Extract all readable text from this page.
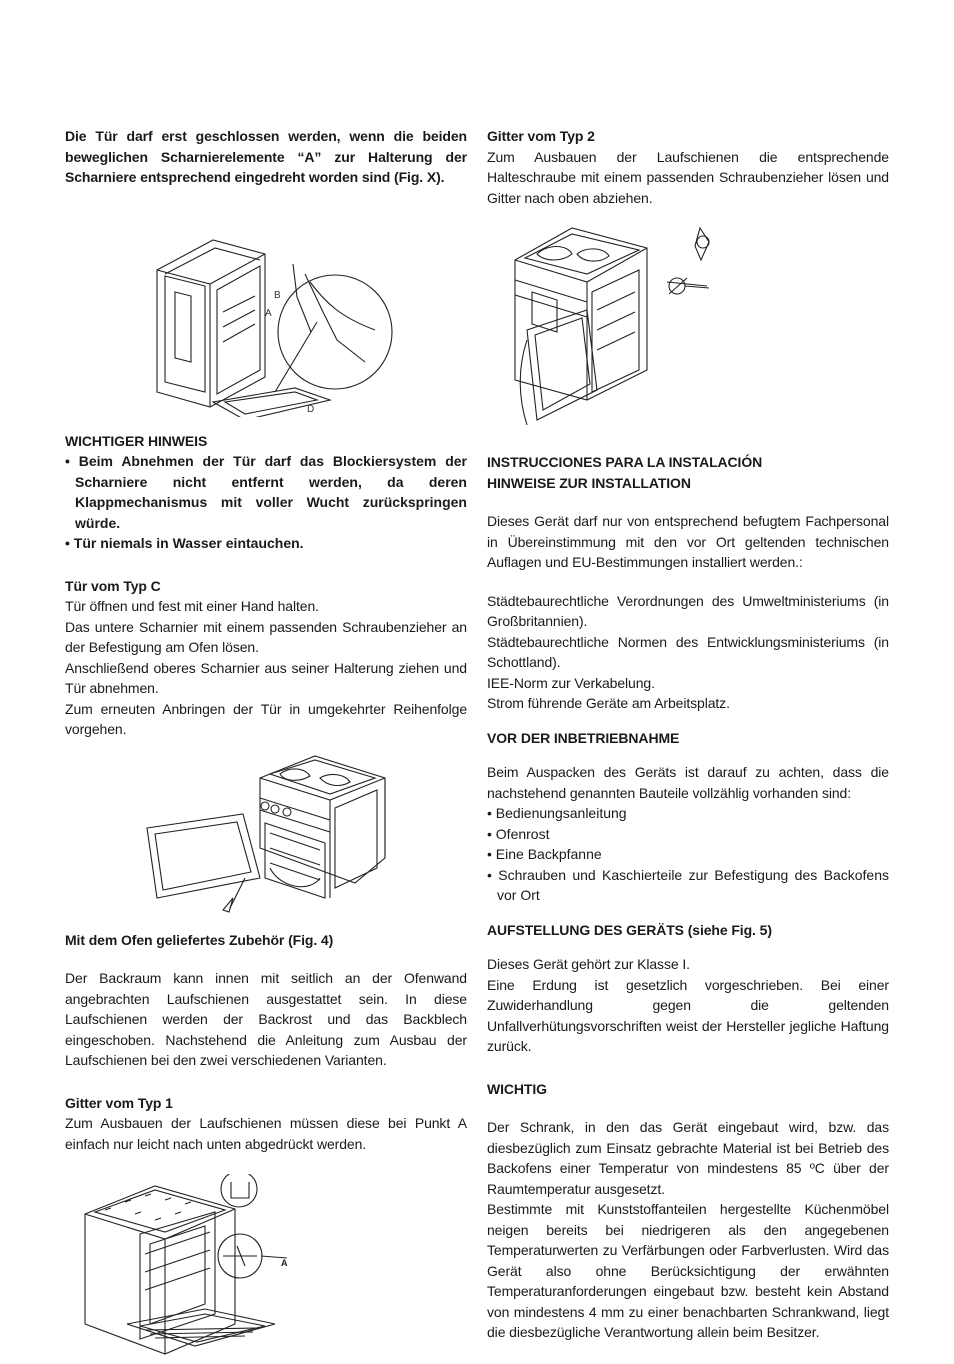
Die Tür darf erst geschlossen werden, wenn die beiden beweglichen Scharnierelemente “A” zur Halterung der Scharniere entsprechend eingedreht worden sind (Fig. X).

B
A
D

WICHTIGER HINWEIS

• Beim Abnehmen der Tür darf das Blockiersystem der Scharniere nicht entfernt werden, da deren Klappmechanismus mit voller Wucht zurückspringen würde.
• Tür niemals in Wasser eintauchen.

Tür vom Typ C

Tür öffnen und fest mit einer Hand halten.

Das untere Scharnier mit einem passenden Schraubenzieher an der Befestigung am Ofen lösen.

Anschließend oberes Scharnier aus seiner Halterung ziehen und Tür abnehmen.

Zum erneuten Anbringen der Tür in umgekehrter Reihenfolge vorgehen.

Mit dem Ofen geliefertes Zubehör (Fig. 4)

Der Backraum kann innen mit seitlich an der Ofenwand angebrachten Laufschienen ausgestattet sein. In diese Laufschienen werden der Backrost und das Backblech eingeschoben. Nachstehend die Anleitung zum Ausbau der Laufschienen bei den zwei verschiedenen Varianten.

Gitter vom Typ 1

Zum Ausbauen der Laufschienen müssen diese bei Punkt A einfach nur leicht nach unten abgedrückt werden.

A

Gitter vom Typ 2

Zum Ausbauen der Laufschienen die entsprechende Halteschraube mit einem passenden Schraubenzieher lösen und Gitter nach oben abziehen.

INSTRUCCIONES PARA LA INSTALACIÓN

HINWEISE ZUR INSTALLATION

Dieses Gerät darf nur von entsprechend befugtem Fachpersonal in Übereinstimmung mit den vor Ort geltenden technischen Auflagen und EU-Bestimmungen installiert werden.:

Städtebaurechtliche Verordnungen des Umweltministeriums (in Großbritannien).

Städtebaurechtliche Normen des Entwicklungsministeriums (in Schottland).

IEE-Norm zur Verkabelung.

Strom führende Geräte am Arbeitsplatz.

VOR DER INBETRIEBNAHME

Beim Auspacken des Geräts ist darauf zu achten, dass die nachstehend genannten Bauteile vollzählig vorhanden sind:

• Bedienungsanleitung
• Ofenrost
• Eine Backpfanne
• Schrauben und Kaschierteile zur Befestigung des Backofens vor Ort

AUFSTELLUNG DES GERÄTS (siehe Fig. 5)

Dieses Gerät gehört zur Klasse I.

Eine Erdung ist gesetzlich vorgeschrieben. Bei einer Zuwiderhandlung gegen die geltenden Unfallverhütungsvorschriften weist der Hersteller jegliche Haftung zurück.

WICHTIG

Der Schrank, in den das Gerät eingebaut wird, bzw. das diesbezüglich zum Einsatz gebrachte Material ist bei Betrieb des Backofens einer Temperatur von mindestens 85 ºC über der Raumtemperatur ausgesetzt.

Bestimmte mit Kunststoffanteilen hergestellte Küchenmöbel neigen bereits bei niedrigeren als den angegebenen Temperaturwerten zu Verfärbungen oder Farbverlusten. Wird das Gerät also ohne Berücksichtigung der erwähnten Temperaturanforderungen eingebaut bzw. besteht kein Abstand von mindestens 4 mm zu einer benachbarten Schrankwand, liegt die diesbezügliche Verantwortung allein beim Besitzer.
